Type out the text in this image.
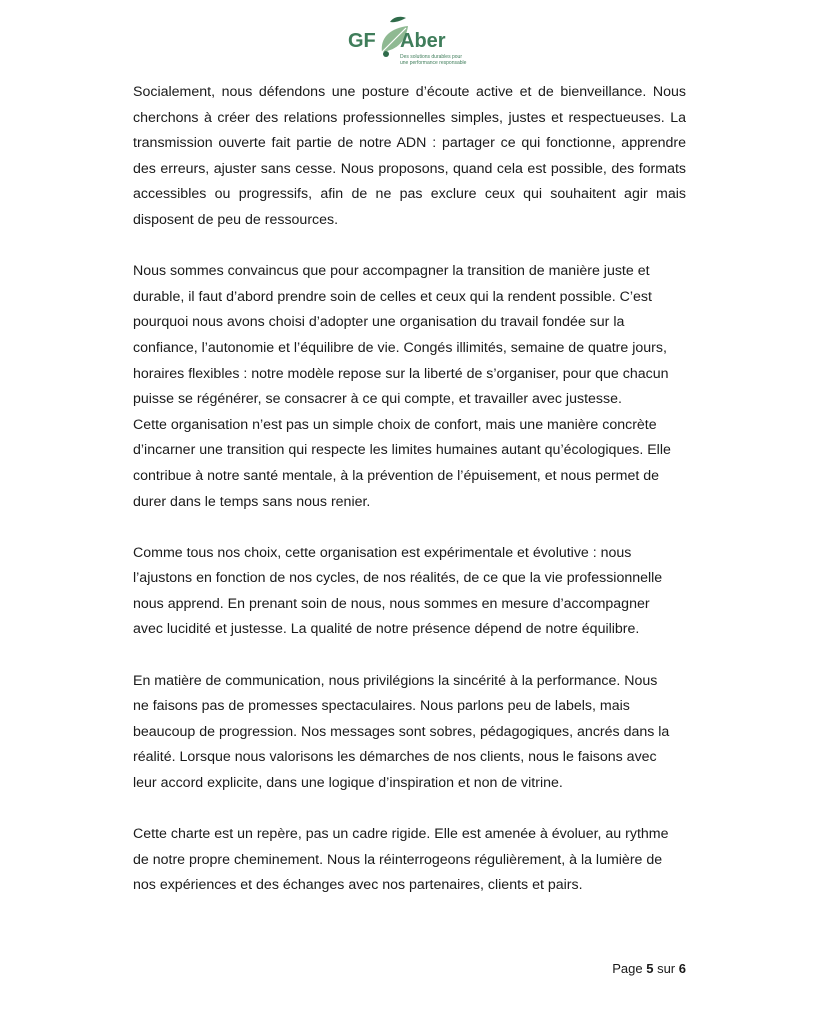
GF Aber
Des solutions durables pour
une performance responsable

Socialement, nous défendons une posture d’écoute active et de bienveillance. Nous cherchons à créer des relations professionnelles simples, justes et respectueuses. La transmission ouverte fait partie de notre ADN : partager ce qui fonctionne, apprendre des erreurs, ajuster sans cesse. Nous proposons, quand cela est possible, des formats accessibles ou progressifs, afin de ne pas exclure ceux qui souhaitent agir mais disposent de peu de ressources.

Nous sommes convaincus que pour accompagner la transition de manière juste et
durable, il faut d’abord prendre soin de celles et ceux qui la rendent possible. C’est
pourquoi nous avons choisi d’adopter une organisation du travail fondée sur la
confiance, l’autonomie et l’équilibre de vie. Congés illimités, semaine de quatre jours,
horaires flexibles : notre modèle repose sur la liberté de s’organiser, pour que chacun
puisse se régénérer, se consacrer à ce qui compte, et travailler avec justesse.
Cette organisation n’est pas un simple choix de confort, mais une manière concrète
d’incarner une transition qui respecte les limites humaines autant qu’écologiques. Elle
contribue à notre santé mentale, à la prévention de l’épuisement, et nous permet de
durer dans le temps sans nous renier.

Comme tous nos choix, cette organisation est expérimentale et évolutive : nous
l’ajustons en fonction de nos cycles, de nos réalités, de ce que la vie professionnelle
nous apprend. En prenant soin de nous, nous sommes en mesure d’accompagner
avec lucidité et justesse. La qualité de notre présence dépend de notre équilibre.

En matière de communication, nous privilégions la sincérité à la performance. Nous
ne faisons pas de promesses spectaculaires. Nous parlons peu de labels, mais
beaucoup de progression. Nos messages sont sobres, pédagogiques, ancrés dans la
réalité. Lorsque nous valorisons les démarches de nos clients, nous le faisons avec
leur accord explicite, dans une logique d’inspiration et non de vitrine.

Cette charte est un repère, pas un cadre rigide. Elle est amenée à évoluer, au rythme
de notre propre cheminement. Nous la réinterrogeons régulièrement, à la lumière de
nos expériences et des échanges avec nos partenaires, clients et pairs.

Page 5 sur 6
